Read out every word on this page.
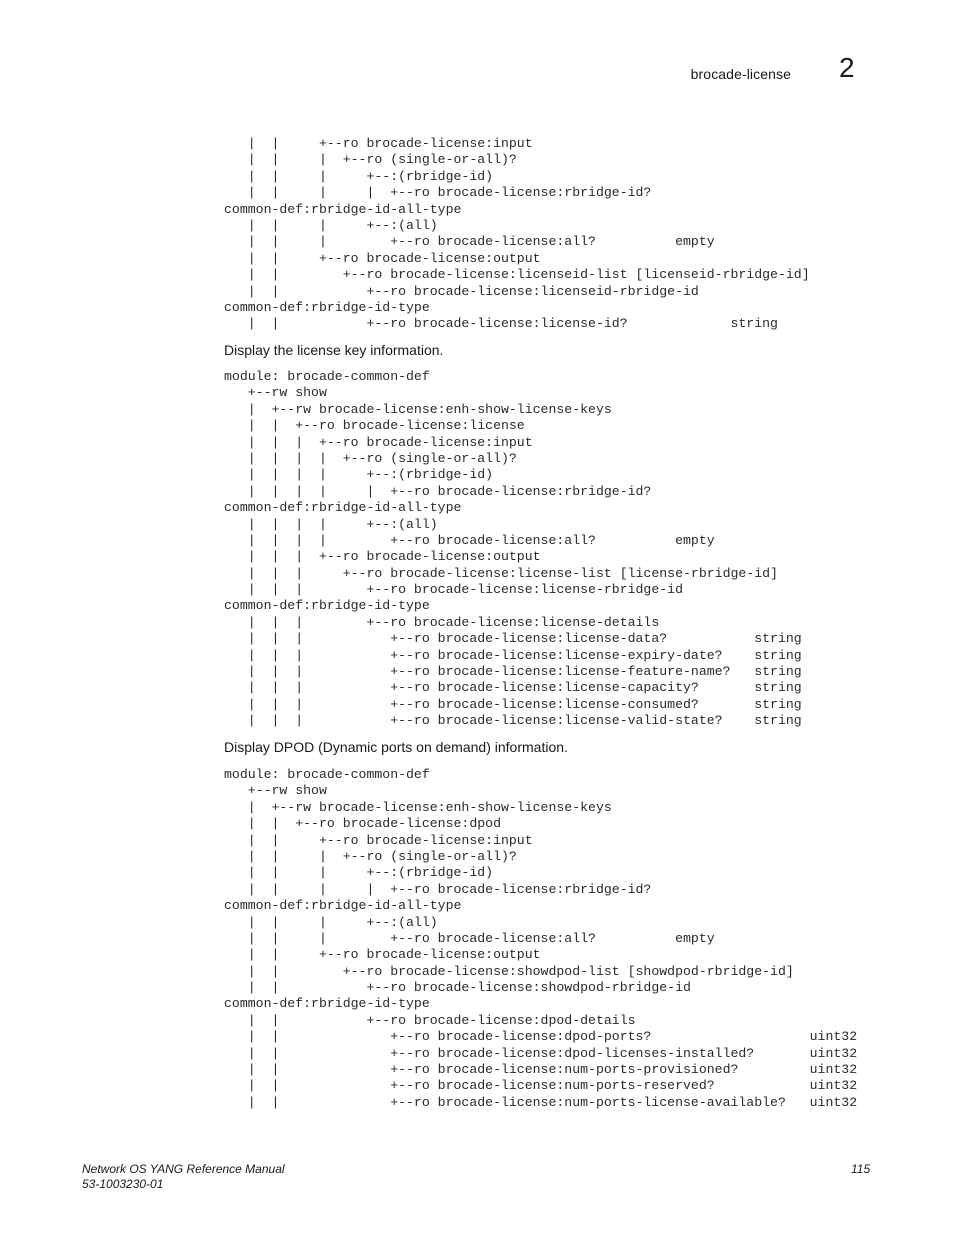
brocade-license 2
|  |     +--ro brocade-license:input
|  |     |  +--ro (single-or-all)?
|  |     |     +--:(rbridge-id)
|  |     |     |  +--ro brocade-license:rbridge-id?
common-def:rbridge-id-all-type
|  |     |     +--:(all)
|  |     |        +--ro brocade-license:all?          empty
|  |     +--ro brocade-license:output
|  |        +--ro brocade-license:licenseid-list [licenseid-rbridge-id]
|  |           +--ro brocade-license:licenseid-rbridge-id
common-def:rbridge-id-type
|  |           +--ro brocade-license:license-id?             string
Display the license key information.
module: brocade-common-def
+--rw show
|  +--rw brocade-license:enh-show-license-keys
|  |  +--ro brocade-license:license
|  |  |  +--ro brocade-license:input
|  |  |  |  +--ro (single-or-all)?
|  |  |  |     +--:(rbridge-id)
|  |  |  |     |  +--ro brocade-license:rbridge-id?
common-def:rbridge-id-all-type
|  |  |  |     +--:(all)
|  |  |  |        +--ro brocade-license:all?          empty
|  |  |  +--ro brocade-license:output
|  |  |     +--ro brocade-license:license-list [license-rbridge-id]
|  |  |        +--ro brocade-license:license-rbridge-id
common-def:rbridge-id-type
|  |  |        +--ro brocade-license:license-details
|  |  |           +--ro brocade-license:license-data?           string
|  |  |           +--ro brocade-license:license-expiry-date?    string
|  |  |           +--ro brocade-license:license-feature-name?   string
|  |  |           +--ro brocade-license:license-capacity?       string
|  |  |           +--ro brocade-license:license-consumed?       string
|  |  |           +--ro brocade-license:license-valid-state?    string
Display DPOD (Dynamic ports on demand) information.
module: brocade-common-def
+--rw show
|  +--rw brocade-license:enh-show-license-keys
|  |  +--ro brocade-license:dpod
|  |     +--ro brocade-license:input
|  |     |  +--ro (single-or-all)?
|  |     |     +--:(rbridge-id)
|  |     |     |  +--ro brocade-license:rbridge-id?
common-def:rbridge-id-all-type
|  |     |     +--:(all)
|  |     |        +--ro brocade-license:all?          empty
|  |     +--ro brocade-license:output
|  |        +--ro brocade-license:showdpod-list [showdpod-rbridge-id]
|  |           +--ro brocade-license:showdpod-rbridge-id
common-def:rbridge-id-type
|  |           +--ro brocade-license:dpod-details
|  |              +--ro brocade-license:dpod-ports?                    uint32
|  |              +--ro brocade-license:dpod-licenses-installed?       uint32
|  |              +--ro brocade-license:num-ports-provisioned?         uint32
|  |              +--ro brocade-license:num-ports-reserved?            uint32
|  |              +--ro brocade-license:num-ports-license-available?   uint32
Network OS YANG Reference Manual
53-1003230-01
115
